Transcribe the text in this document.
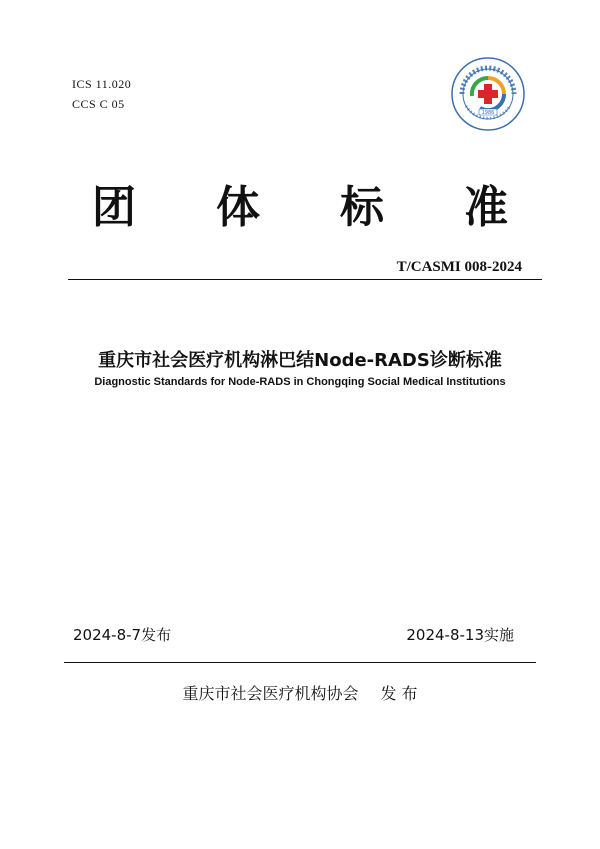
ICS 11.020
CCS C 05
1986
团 体 标 准
T/CASMI 008-2024
重庆市社会医疗机构淋巴结Node-RADS诊断标准
Diagnostic Standards for Node-RADS in Chongqing Social Medical Institutions
2024-8-7发布	2024-8-13实施
重庆市社会医疗机构协会 发 布
